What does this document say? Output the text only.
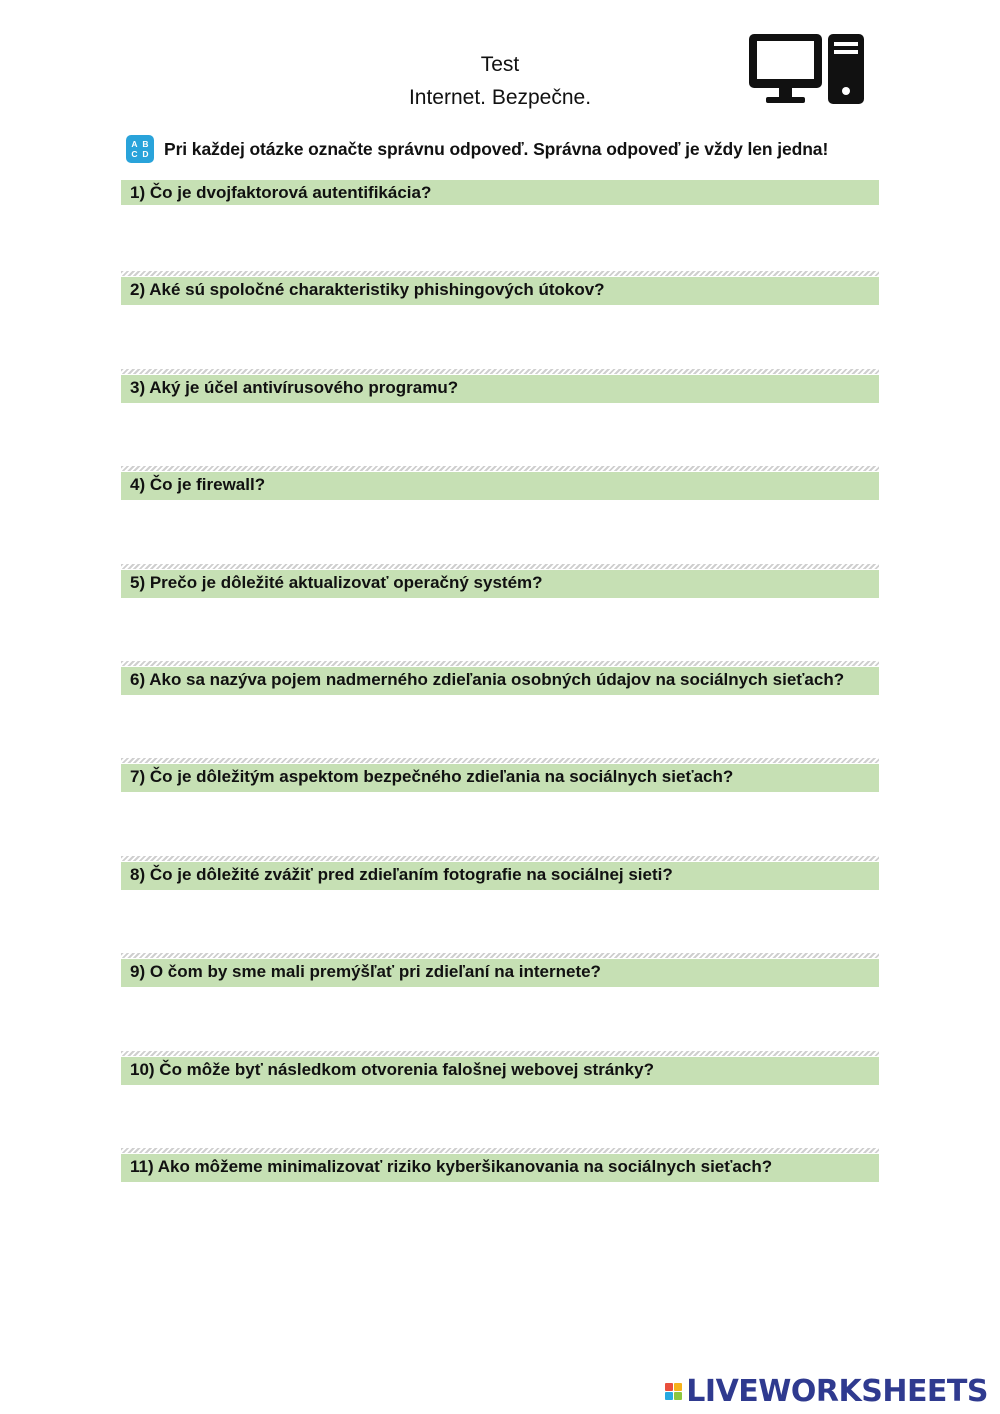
Test
Internet. Bezpečne.
A B
C D Pri každej otázke označte správnu odpoveď. Správna odpoveď je vždy len jedna!
1) Čo je dvojfaktorová autentifikácia?
2) Aké sú spoločné charakteristiky phishingových útokov?
3) Aký je účel antivírusového programu?
4) Čo je firewall?
5) Prečo je dôležité aktualizovať operačný systém?
6) Ako sa nazýva pojem nadmerného zdieľania osobných údajov na sociálnych sieťach?
7) Čo je dôležitým aspektom bezpečného zdieľania na sociálnych sieťach?
8) Čo je dôležité zvážiť pred zdieľaním fotografie na sociálnej sieti?
9) O čom by sme mali premýšľať pri zdieľaní na internete?
10) Čo môže byť následkom otvorenia falošnej webovej stránky?
11) Ako môžeme minimalizovať riziko kyberšikanovania na sociálnych sieťach?
LIVEWORKSHEETS
